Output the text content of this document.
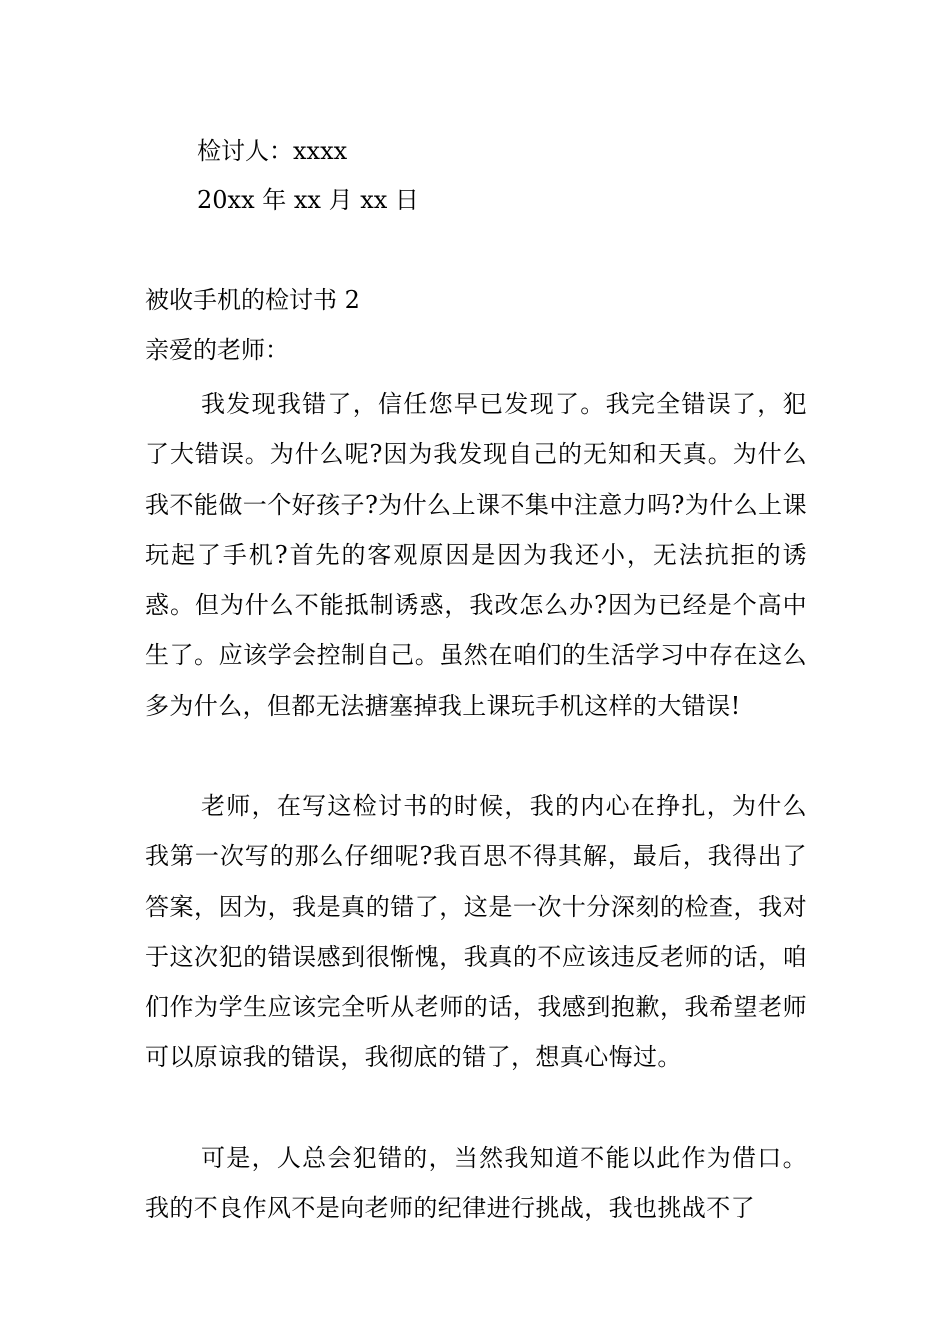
检讨人：xxxx
20xx 年 xx 月 xx 日
被收手机的检讨书 2
亲爱的老师：

我发现我错了，信任您早已发现了。我完全错误了，犯了大错误。为什么呢?因为我发现自己的无知和天真。为什么我不能做一个好孩子?为什么上课不集中注意力吗?为什么上课玩起了手机?首先的客观原因是因为我还小，无法抗拒的诱惑。但为什么不能抵制诱惑，我改怎么办?因为已经是个高中生了。应该学会控制自己。虽然在咱们的生活学习中存在这么多为什么，但都无法搪塞掉我上课玩手机这样的大错误!

老师，在写这检讨书的时候，我的内心在挣扎，为什么我第一次写的那么仔细呢?我百思不得其解，最后，我得出了答案，因为，我是真的错了，这是一次十分深刻的检查，我对于这次犯的错误感到很惭愧，我真的不应该违反老师的话，咱们作为学生应该完全听从老师的话，我感到抱歉，我希望老师可以原谅我的错误，我彻底的错了，想真心悔过。

可是，人总会犯错的，当然我知道不能以此作为借口。我的不良作风不是向老师的纪律进行挑战，我也挑战不了
